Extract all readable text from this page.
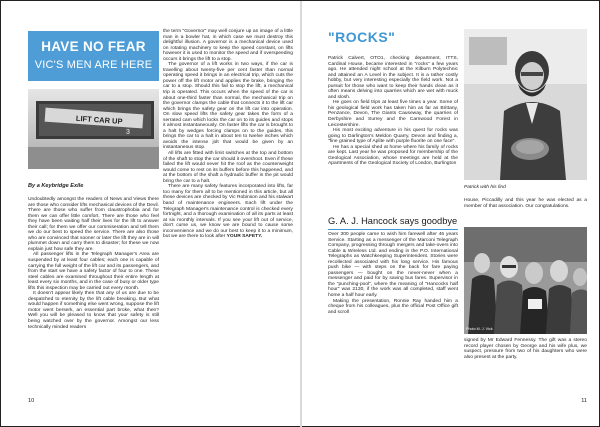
HAVE NO FEAR
VIC'S MEN ARE HERE
LIFT CAR UP
3
By a Keybridge Exile

Undoubtedly amongst the readers of News and Views there are those who consider lifts mechanical devices of the Devil. There are those who suffer from claustrophobia and for them we can offer little comfort. There are those who feel they have been waiting half their lives for the lift to answer their call; for them we offer our commiseration and tell them we do our best to speed the service. There are also those who are convinced that sooner or later the lift they are in will plummet down and carry them to disaster; for these we now explain just how safe they are.

All passenger lifts in the Telegraph Manager's Area are suspended by at least four cables; each one is capable of carrying the full weight of the lift car and its passengers, and from the start we have a safety factor of four to one. These steel cables are examined throughout their entire length at least every six months, and in the case of busy or older type lifts this inspection may be carried out every month.

It doesn't appear likely then that any of us are due to be despatched to eternity by the lift cable breaking. But what would happen if something else went wrong, suppose the lift motor went berserk, an essential part broke, what then? Well you will be pleased to know that your safety is still being watched over by the governor. Amongst our less technically minded readers

the term "Governor" may well conjure up an image of a little man in a bowler hat, in which case we must destroy this delightful illusion. A governor is a mechanical device used on rotating machinery to keep the speed constant, on lifts however it is used to monitor the speed and if overspeeding occurs it brings the lift to a stop.

The governor of a lift works in two ways, if the car is travelling about twenty-five per cent faster than normal operating speed it brings in an electrical trip, which cuts the power off the lift motor and applies the brake, bringing the car to a stop. Should this fail to stop the lift, a mechanical trip is operated. This occurs when the speed of the car is about one-third faster than normal, the mechanical trip on the governor clamps the cable that connects it to the lift car which brings the safety gear on the lift car into operation. On slow speed lifts the safety gear takes the form of a serrated cam which locks the car on to its guides and stops it almost instantaneously. On faster lifts the car is brought to a halt by wedges forcing clamps on to the guides, this brings the car to a halt in about ten to twelve inches which avoids the intense jolt that would be given by an instantaneous stop.

All lifts are fitted with limit switches at the top and bottom of the shaft to stop the car should it overshoot. Even if these failed the lift would never hit the roof as the counterweight would come to rest on its buffers before this happened, and at the bottom of the shaft a hydraulic buffer in the pit would bring the car to a halt.

There are many safety features incorporated into lifts, far too many for them all to be mentioned in this article, but all these devices are checked by Vic Robinson and his stalwart band of maintenance engineers. Each lift under the Telegraph Manager's maintenance control is checked every fortnight, and a thorough examination of all its parts at least at six monthly intervals. If you see your lift out of service, don't curse us, we know we are bound to cause some inconvenience and we do our best to keep it to a minimum, but we are there to look after YOUR SAFETY.

10
"ROCKS"

Patrick Calvert, OTO1, checking department, ITTS, Cardinal House, became interested in "rocks" a few years ago. He attended night school at the Kilburn Polytechnic and attained an A Level in the subject. It is a rather costly hobby, but very interesting especially the field work. Not a pursuit for those who want to keep their hands clean as it often means delving into quarries which are wet with muck and slosh.

He goes on field trips at least five times a year. Some of his geological field work has taken him as far as Brittany, Penzance, Devon, The Giants Causeway, the quarries of Derbyshire and Surrey and the Carnwood Forest in Leicestershire.

His most exciting adventure in his quest for rocks was going to Darlington's Meldon Quarry, Devon and finding a, "fine grained type of Aplite with purple fluorite on one face".

He has a special shed at home where his family of rocks are kept. Last year he was proposed for membership of the Geological Association, whose meetings are held at the Apartments of the Geological Society of London, Burlington

Patrick with his find

House, Piccadilly and this year he was elected as a member of that association. Our congratulations.

G. A. J. Hancock says goodbye

Over 300 people came to wish him farewell after 46 years Service. Starting as a messenger of the Marconi Telegraph Company, progressing through mergers and take-overs into Cable & Wireless Ltd. and ending in the P.O. International Telegraphs as Watchkeeping Superintendent. Stories were recollected associated with his long service. His famous push bike — with steps on the back for fare paying passengers — bought on the never-never when a messenger and paid for by saving bus fares. Supervisor in the "punching-pool", where the meaning of "Hancocks half hour" was 2130, if the work was all completed, staff went home a half hour early.

Making the presentation, Ronnie Ray handed him a cheque from his colleagues, plus the official Post Office gift and scroll

Photo M. J. Vick

signed by Mr Edward Fennessy. The gift was a stereo record player chosen by George and his wife plus, we suspect, pressure from two of his daughters who were also present at the party.

11
